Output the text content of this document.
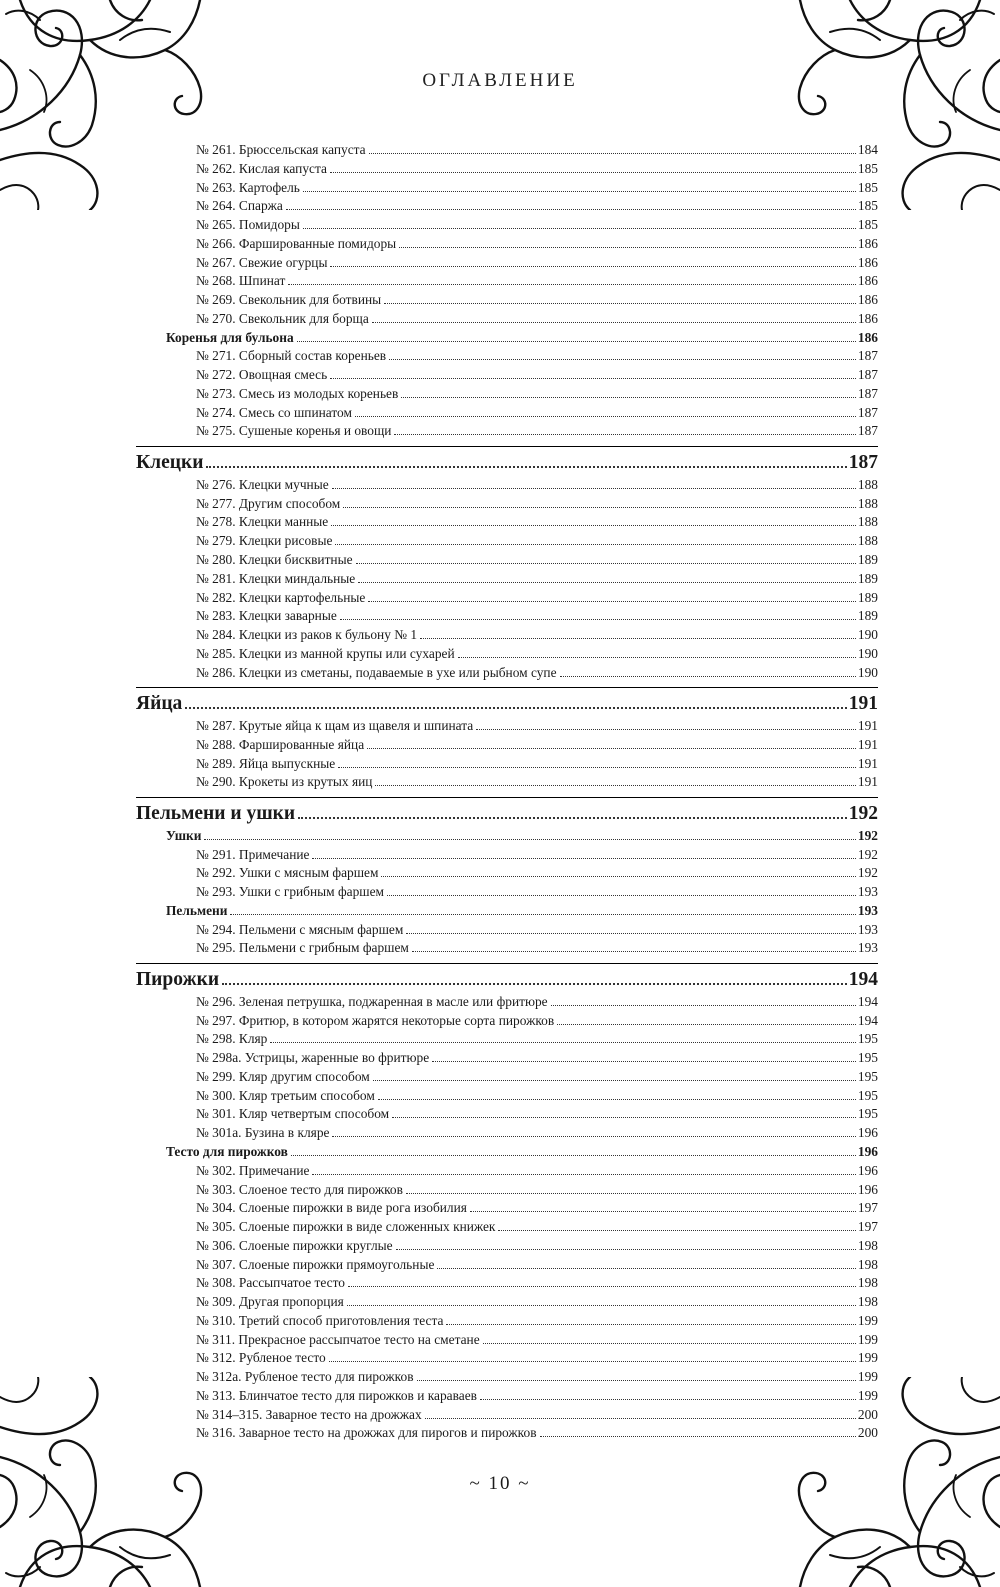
ОГЛАВЛЕНИЕ
№ 261. Брюссельская капуста	184
№ 262. Кислая капуста	185
№ 263. Картофель	185
№ 264. Спаржа	185
№ 265. Помидоры	185
№ 266. Фаршированные помидоры	186
№ 267. Свежие огурцы	186
№ 268. Шпинат	186
№ 269. Свекольник для ботвины	186
№ 270. Свекольник для борща	186
Коренья для бульона	186
№ 271. Сборный состав кореньев	187
№ 272. Овощная смесь	187
№ 273. Смесь из молодых кореньев	187
№ 274. Смесь со шпинатом	187
№ 275. Сушеные коренья и овощи	187
Клецки	187
№ 276. Клецки мучные	188
№ 277. Другим способом	188
№ 278. Клецки манные	188
№ 279. Клецки рисовые	188
№ 280. Клецки бисквитные	189
№ 281. Клецки миндальные	189
№ 282. Клецки картофельные	189
№ 283. Клецки заварные	189
№ 284. Клецки из раков к бульону № 1	190
№ 285. Клецки из манной крупы или сухарей	190
№ 286. Клецки из сметаны, подаваемые в ухе или рыбном супе	190
Яйца	191
№ 287. Крутые яйца к щам из щавеля и шпината	191
№ 288. Фаршированные яйца	191
№ 289. Яйца выпускные	191
№ 290. Крокеты из крутых яиц	191
Пельмени и ушки	192
Ушки	192
№ 291. Примечание	192
№ 292. Ушки с мясным фаршем	192
№ 293. Ушки с грибным фаршем	193
Пельмени	193
№ 294. Пельмени с мясным фаршем	193
№ 295. Пельмени с грибным фаршем	193
Пирожки	194
№ 296. Зеленая петрушка, поджаренная в масле или фритюре	194
№ 297. Фритюр, в котором жарятся некоторые сорта пирожков	194
№ 298. Кляр	195
№ 298а. Устрицы, жаренные во фритюре	195
№ 299. Кляр другим способом	195
№ 300. Кляр третьим способом	195
№ 301. Кляр четвертым способом	195
№ 301а. Бузина в кляре	196
Тесто для пирожков	196
№ 302. Примечание	196
№ 303. Слоеное тесто для пирожков	196
№ 304. Слоеные пирожки в виде рога изобилия	197
№ 305. Слоеные пирожки в виде сложенных книжек	197
№ 306. Слоеные пирожки круглые	198
№ 307. Слоеные пирожки прямоугольные	198
№ 308. Рассыпчатое тесто	198
№ 309. Другая пропорция	198
№ 310. Третий способ приготовления теста	199
№ 311. Прекрасное рассыпчатое тесто на сметане	199
№ 312. Рубленое тесто	199
№ 312а. Рубленое тесто для пирожков	199
№ 313. Блинчатое тесто для пирожков и караваев	199
№ 314–315. Заварное тесто на дрожжах	200
№ 316. Заварное тесто на дрожжах для пирогов и пирожков	200
~ 10 ~
